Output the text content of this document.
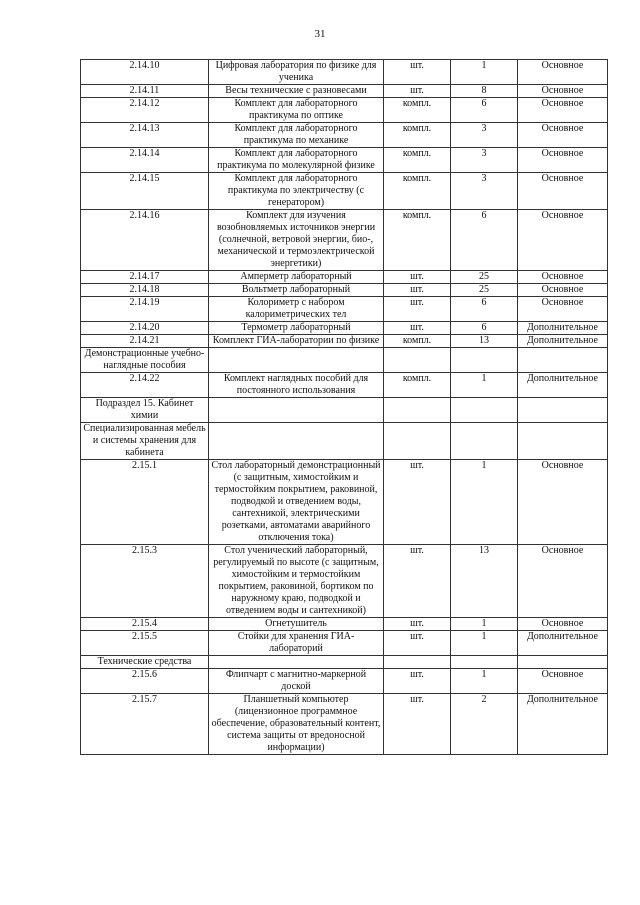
31
2.14.10	Цифровая лаборатория по физике для ученика	шт.	1	Основное
2.14.11	Весы технические с разновесами	шт.	8	Основное
2.14.12	Комплект для лабораторного практикума по оптике	компл.	6	Основное
2.14.13	Комплект для лабораторного практикума по механике	компл.	3	Основное
2.14.14	Комплект для лабораторного практикума по молекулярной физике	компл.	3	Основное
2.14.15	Комплект для лабораторного практикума по электричеству (с генератором)	компл.	3	Основное
2.14.16	Комплект для изучения возобновляемых источников энергии (солнечной, ветровой энергии, био-, механической и термоэлектрической энергетики)	компл.	6	Основное
2.14.17	Амперметр лабораторный	шт.	25	Основное
2.14.18	Вольтметр лабораторный	шт.	25	Основное
2.14.19	Колориметр с набором калориметрических тел	шт.	6	Основное
2.14.20	Термометр лабораторный	шт.	6	Дополнительное
2.14.21	Комплект ГИА-лаборатории по физике	компл.	13	Дополнительное
Демонстрационные учебно-наглядные пособия				
2.14.22	Комплект наглядных пособий для постоянного использования	компл.	1	Дополнительное
Подраздел 15. Кабинет химии				
Специализированная мебель и системы хранения для кабинета				
2.15.1	Стол лабораторный демонстрационный (с защитным, химостойким и термостойким покрытием, раковиной, подводкой и отведением воды, сантехникой, электрическими розетками, автоматами аварийного отключения тока)	шт.	1	Основное
2.15.3	Стол ученический лабораторный, регулируемый по высоте (с защитным, химостойким и термостойким покрытием, раковиной, бортиком по наружному краю, подводкой и отведением воды и сантехникой)	шт.	13	Основное
2.15.4	Огнетушитель	шт.	1	Основное
2.15.5	Стойки для хранения ГИА-лабораторий	шт.	1	Дополнительное
Технические средства				
2.15.6	Флипчарт с магнитно-маркерной доской	шт.	1	Основное
2.15.7	Планшетный компьютер (лицензионное программное обеспечение, образовательный контент, система защиты от вредоносной информации)	шт.	2	Дополнительное
